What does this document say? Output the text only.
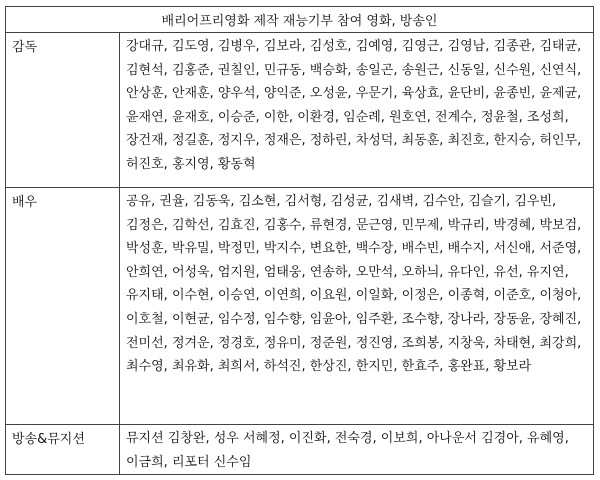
배리어프리영화 제작 재능기부 참여 영화, 방송인	
감독	강대규, 김도영, 김병우, 김보라, 김성호, 김예영, 김영근, 김영남, 김종관, 김태균, 김현석, 김홍준, 권칠인, 민규동, 백승화, 송일곤, 송원근, 신동일, 신수원, 신연식, 안상훈, 안재훈, 양우석, 양익준, 오성윤, 우문기, 육상효, 윤단비, 윤종빈, 윤제균, 윤재연, 윤재호, 이승준, 이한, 이환경, 임순례, 원호연, 전계수, 정윤철, 조성희, 장건재, 정길훈, 정지우, 정재은, 정하린, 차성덕, 최동훈, 최진호, 한지승, 허인무, 허진호, 홍지영, 황동혁
배우	공유, 권율, 김동욱, 김소현, 김서형, 김성균, 김새벽, 김수안, 김슬기, 김우빈, 김정은, 김학선, 김효진, 김홍수, 류현경, 문근영, 민무제, 박규리, 박경혜, 박보검, 박성훈, 박유밀, 박정민, 박지수, 변요한, 백수장, 배수빈, 배수지, 서신애, 서준영, 안희연, 어성욱, 엄지원, 엄태웅, 연송하, 오만석, 오하늬, 유다인, 유선, 유지연, 유지태, 이수현, 이승연, 이연희, 이요원, 이일화, 이정은, 이종혁, 이준호, 이청아, 이호철, 이현균, 임수정, 임수향, 임윤아, 임주환, 조수향, 장나라, 장동윤, 장혜진, 전미선, 정겨운, 정경호, 정유미, 정준원, 정진영, 조희봉, 지창욱, 차태현, 최강희, 최수영, 최유화, 최희서, 하석진, 한상진, 한지민, 한효주, 홍완표, 황보라
방송&뮤지션	뮤지션 김창완, 성우 서혜정, 이진화, 전숙경, 이보희, 아나운서 김경아, 유혜영, 이금희, 리포터 신수임
